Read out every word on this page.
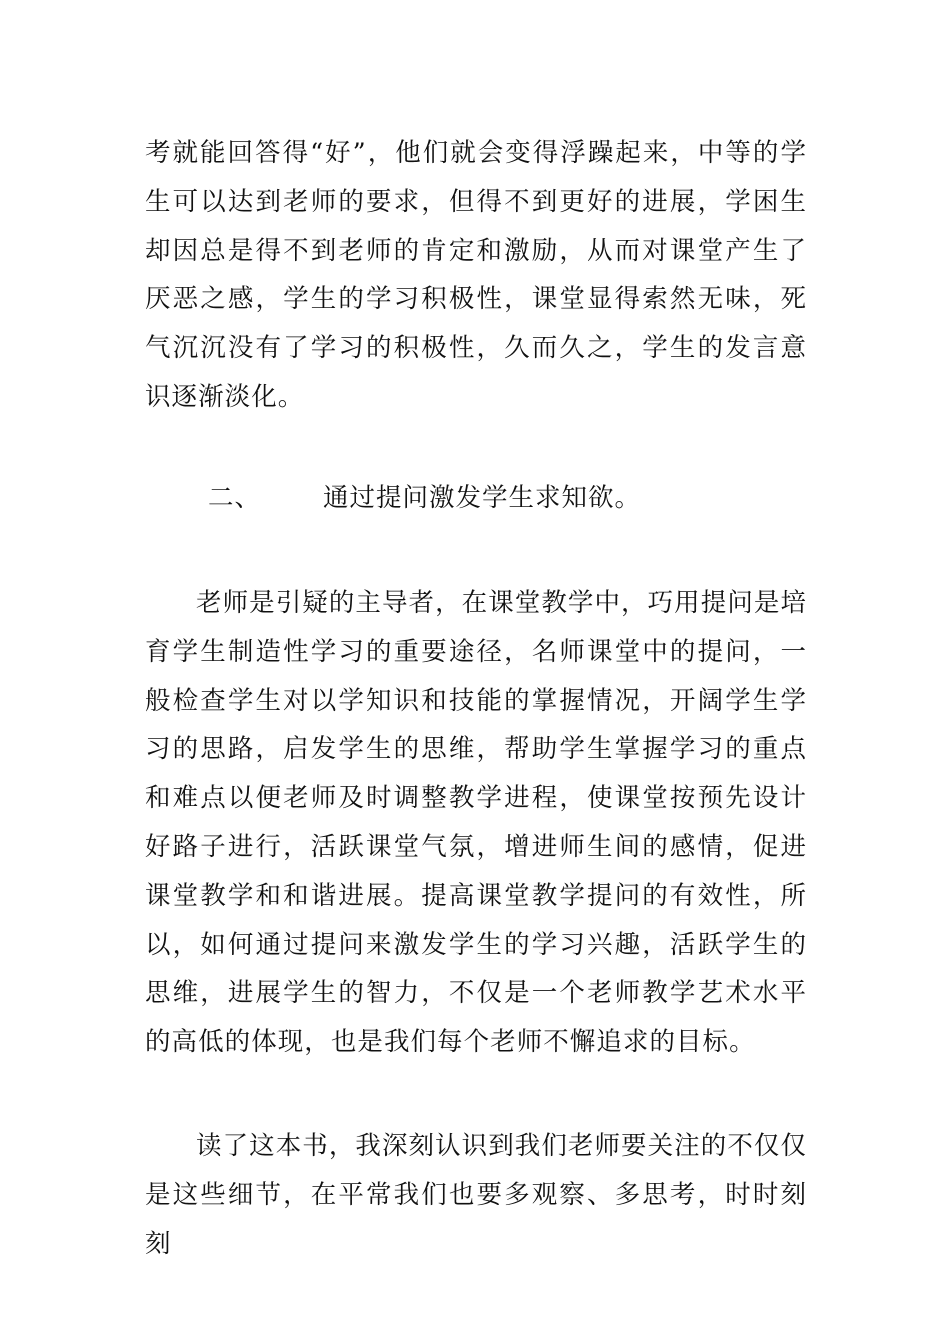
考就能回答得“好”，他们就会变得浮躁起来，中等的学生可以达到老师的要求，但得不到更好的进展，学困生却因总是得不到老师的肯定和激励，从而对课堂产生了厌恶之感，学生的学习积极性，课堂显得索然无味，死气沉沉没有了学习的积极性，久而久之，学生的发言意识逐渐淡化。

二、 通过提问激发学生求知欲。

老师是引疑的主导者，在课堂教学中，巧用提问是培育学生制造性学习的重要途径，名师课堂中的提问，一般检查学生对以学知识和技能的掌握情况，开阔学生学习的思路，启发学生的思维，帮助学生掌握学习的重点和难点以便老师及时调整教学进程，使课堂按预先设计好路子进行，活跃课堂气氛，增进师生间的感情，促进课堂教学和和谐进展。提高课堂教学提问的有效性，所以，如何通过提问来激发学生的学习兴趣，活跃学生的思维，进展学生的智力，不仅是一个老师教学艺术水平的高低的体现，也是我们每个老师不懈追求的目标。

读了这本书，我深刻认识到我们老师要关注的不仅仅是这些细节，在平常我们也要多观察、多思考，时时刻刻
